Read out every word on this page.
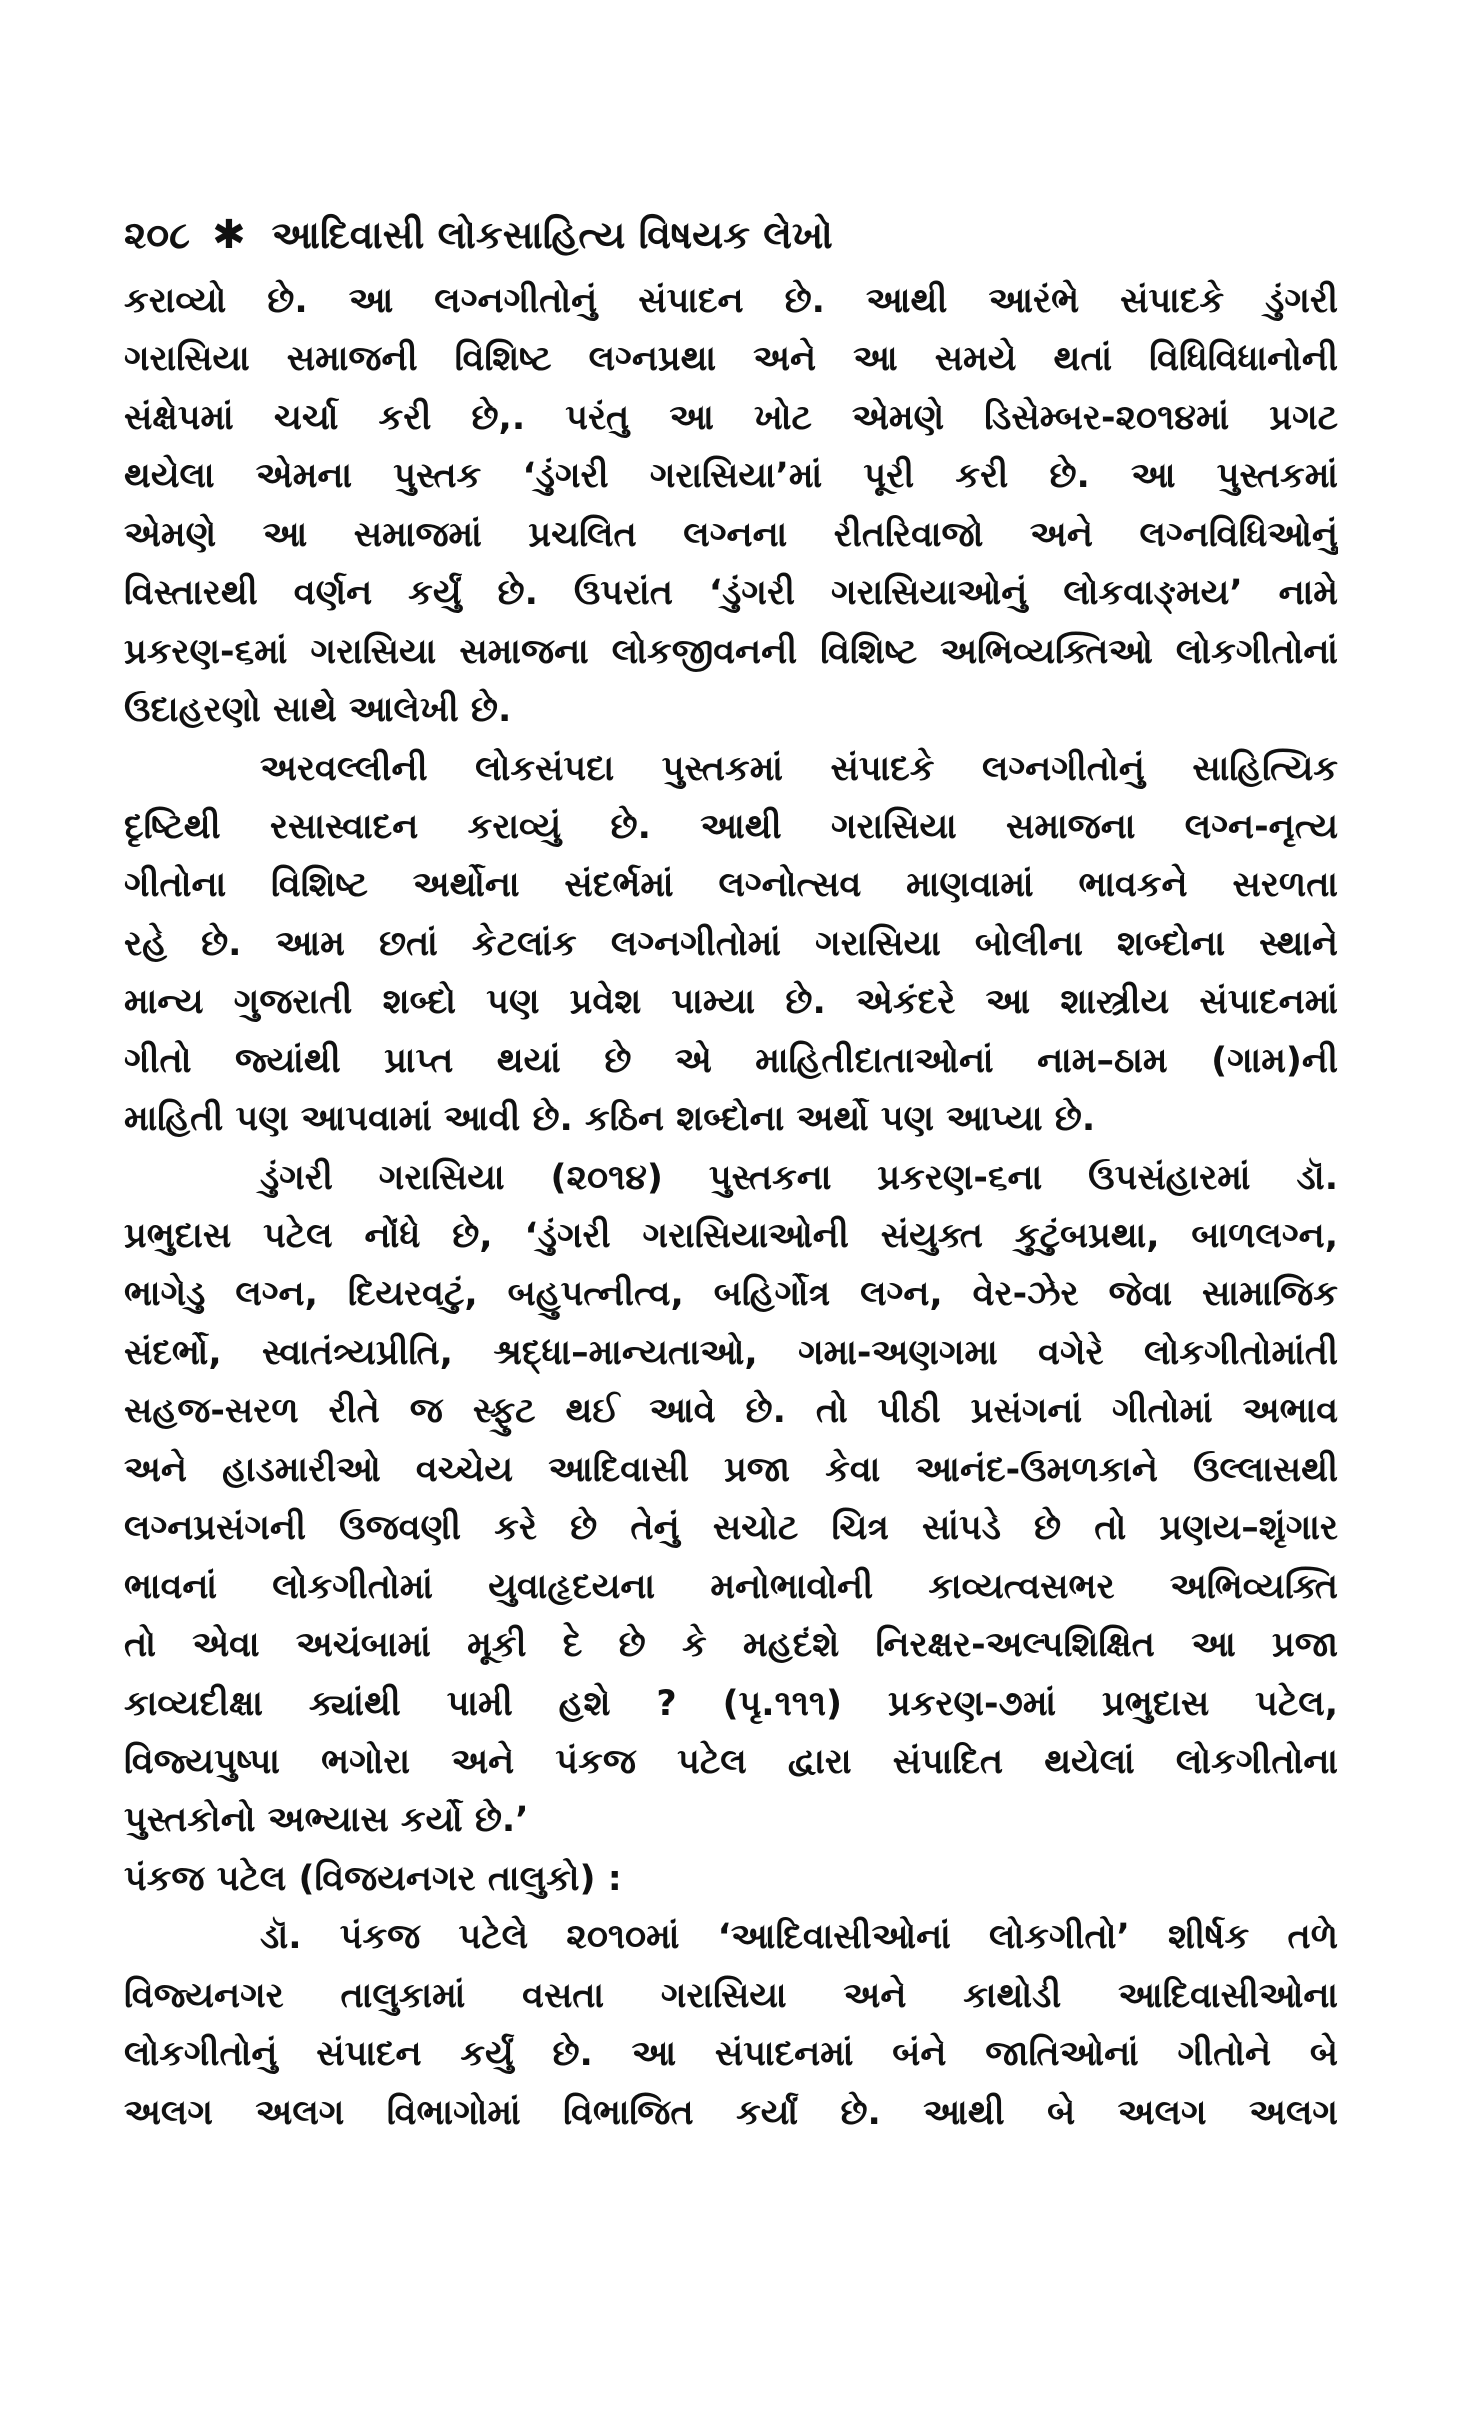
૨૦૮ ✱ આદિવાસી લોકસાહિત્ય વિષયક લેખો
કરાવ્યો છે. આ લગ્નગીતોનું સંપાદન છે. આથી આરંભે સંપાદકે ડુંગરી
ગરાસિયા સમાજની વિશિષ્ટ લગ્નપ્રથા અને આ સમયે થતાં વિધિવિધાનોની
સંક્ષેપમાં ચર્ચા કરી છે,. પરંતુ આ ખોટ એમણે ડિસેમ્બર-૨૦૧૪માં પ્રગટ
થયેલા એમના પુસ્તક ‘ડુંગરી ગરાસિયા’માં પૂરી કરી છે. આ પુસ્તકમાં
એમણે આ સમાજમાં પ્રચલિત લગ્નના રીતરિવાજો અને લગ્નવિધિઓનું
વિસ્તારથી વર્ણન કર્યું છે. ઉપરાંત ‘ડુંગરી ગરાસિયાઓનું લોકવાઙ્મય’ નામે
પ્રકરણ-૬માં ગરાસિયા સમાજના લોકજીવનની વિશિષ્ટ અભિવ્યક્તિઓ લોકગીતોનાં
ઉદાહરણો સાથે આલેખી છે.
અરવલ્લીની લોકસંપદા પુસ્તકમાં સંપાદકે લગ્નગીતોનું સાહિત્યિક
દૃષ્ટિથી રસાસ્વાદન કરાવ્યું છે. આથી ગરાસિયા સમાજના લગ્ન-નૃત્ય
ગીતોના વિશિષ્ટ અર્થોના સંદર્ભમાં લગ્નોત્સવ માણવામાં ભાવકને સરળતા
રહે છે. આમ છતાં કેટલાંક લગ્નગીતોમાં ગરાસિયા બોલીના શબ્દોના સ્થાને
માન્ય ગુજરાતી શબ્દો પણ પ્રવેશ પામ્યા છે. એકંદરે આ શાસ્ત્રીય સંપાદનમાં
ગીતો જ્યાંથી પ્રાપ્ત થયાં છે એ માહિતીદાતાઓનાં નામ–ઠામ (ગામ)ની
માહિતી પણ આપવામાં આવી છે. કઠિન શબ્દોના અર્થો પણ આપ્યા છે.
ડુંગરી ગરાસિયા (૨૦૧૪) પુસ્તકના પ્રકરણ-૬ના ઉપસંહારમાં ડૉ.
પ્રભુદાસ પટેલ નોંધે છે, ‘ડુંગરી ગરાસિયાઓની સંયુક્ત કુટુંબપ્રથા, બાળલગ્ન,
ભાગેડુ લગ્ન, દિયરવટું, બહુપત્નીત્વ, બહિર્ગોત્ર લગ્ન, વેર-ઝેર જેવા સામાજિક
સંદર્ભો, સ્વાતંત્ર્યપ્રીતિ, શ્રદ્ધા–માન્યતાઓ, ગમા-અણગમા વગેરે લોકગીતોમાંતી
સહજ-સરળ રીતે જ સ્ફુટ થઈ આવે છે. તો પીઠી પ્રસંગનાં ગીતોમાં અભાવ
અને હાડમારીઓ વચ્ચેય આદિવાસી પ્રજા કેવા આનંદ-ઉમળકાને ઉલ્લાસથી
લગ્નપ્રસંગની ઉજવણી કરે છે તેનું સચોટ ચિત્ર સાંપડે છે તો પ્રણય–શૃંગાર
ભાવનાં લોકગીતોમાં યુવાહૃદયના મનોભાવોની કાવ્યત્વસભર અભિવ્યક્તિ
તો એવા અચંબામાં મૂકી દે છે કે મહદંશે નિરક્ષર-અલ્પશિક્ષિત આ પ્રજા
કાવ્યદીક્ષા ક્યાંથી પામી હશે ? (પૃ.૧૧૧) પ્રકરણ-૭માં પ્રભુદાસ પટેલ,
વિજ્યપુષ્પા ભગોરા અને પંકજ પટેલ દ્વારા સંપાદિત થયેલાં લોકગીતોના
પુસ્તકોનો અભ્યાસ કર્યો છે.’
પંકજ પટેલ (વિજયનગર તાલુકો) :
ડૉ. પંકજ પટેલે ૨૦૧૦માં ‘આદિવાસીઓનાં લોકગીતો’ શીર્ષક તળે
વિજ્યનગર તાલુકામાં વસતા ગરાસિયા અને કાથોડી આદિવાસીઓના
લોકગીતોનું સંપાદન કર્યું છે. આ સંપાદનમાં બંને જાતિઓનાં ગીતોને બે
અલગ અલગ વિભાગોમાં વિભાજિત કર્યાં છે. આથી બે અલગ અલગ
